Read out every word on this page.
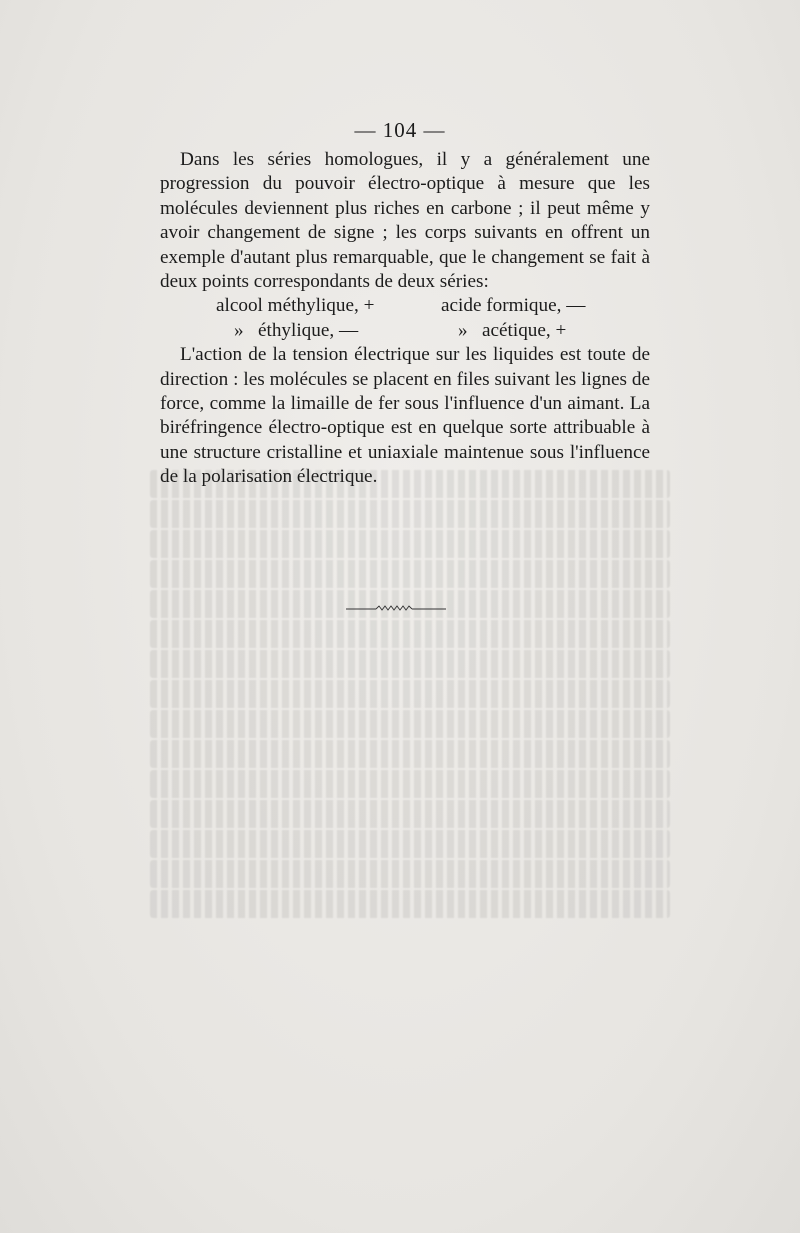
— 104 —

Dans les séries homologues, il y a généralement une progression du pouvoir électro-optique à mesure que les molécules deviennent plus riches en carbone ; il peut même y avoir changement de signe ; les corps suivants en offrent un exemple d'autant plus remarquable, que le changement se fait à deux points correspondants de deux séries:

alcool méthylique, +	acide formique, —
»   éthylique, —	»   acétique, +

L'action de la tension électrique sur les liquides est toute de direction : les molécules se placent en files suivant les lignes de force, comme la limaille de fer sous l'influence d'un aimant. La biréfringence électro-optique est en quelque sorte attribuable à une structure cristalline et uniaxiale maintenue sous l'influence de la polarisation électrique.
